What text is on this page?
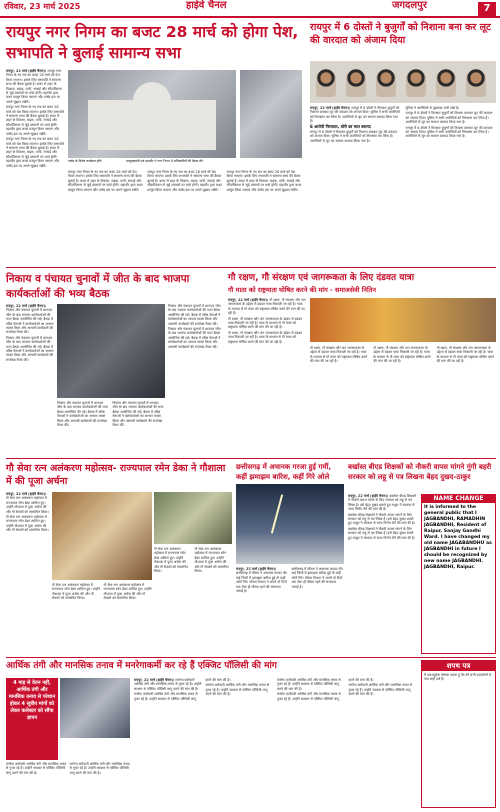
रविवार, 23 मार्च 2025	हाईवे चैनल	जगदलपुर	7
रायपुर नगर निगम का बजट 28 मार्च को होगा पेश, सभापति ने बुलाई सामान्य सभा

रायपुर, 22 मार्च (हाईवे चैनल)। रायपुर नगर निगम के नए सत्र का बजट 28 मार्च को पेश किया जाएगा। इसके लिए सभापति ने सामान्य सभा की बैठक बुलाई है। बजट में शहर के विकास, सड़क, पानी, सफाई और सौंदर्यीकरण से जुड़े प्रस्तावों पर चर्चा होगी। महापौर द्वारा बजट प्रस्तुत किया जाएगा और पार्षद इस पर अपने सुझाव रखेंगे।

रायपुर नगर निगम के नए सत्र का बजट 28 मार्च को पेश किया जाएगा। इसके लिए सभापति ने सामान्य सभा की बैठक बुलाई है। बजट में शहर के विकास, सड़क, पानी, सफाई और सौंदर्यीकरण से जुड़े प्रस्तावों पर चर्चा होगी। महापौर द्वारा बजट प्रस्तुत किया जाएगा और पार्षद इस पर अपने सुझाव रखेंगे।

रायपुर नगर निगम के नए सत्र का बजट 28 मार्च को पेश किया जाएगा। इसके लिए सभापति ने सामान्य सभा की बैठक बुलाई है। बजट में शहर के विकास, सड़क, पानी, सफाई और सौंदर्यीकरण से जुड़े प्रस्तावों पर चर्चा होगी। महापौर द्वारा बजट प्रस्तुत किया जाएगा और पार्षद इस पर अपने सुझाव रखेंगे।

पार्षद के विशेष कार्यक्रम होंगे।	उपमुख्यमंत्री एवं महापौर ने नगर निगम में अधिकारियों की बैठक ली।

रायपुर नगर निगम के नए सत्र का बजट 28 मार्च को पेश किया जाएगा। इसके लिए सभापति ने सामान्य सभा की बैठक बुलाई है। बजट में शहर के विकास, सड़क, पानी, सफाई और सौंदर्यीकरण से जुड़े प्रस्तावों पर चर्चा होगी। महापौर द्वारा बजट प्रस्तुत किया जाएगा और पार्षद इस पर अपने सुझाव रखेंगे।

रायपुर नगर निगम के नए सत्र का बजट 28 मार्च को पेश किया जाएगा। इसके लिए सभापति ने सामान्य सभा की बैठक बुलाई है। बजट में शहर के विकास, सड़क, पानी, सफाई और सौंदर्यीकरण से जुड़े प्रस्तावों पर चर्चा होगी। महापौर द्वारा बजट प्रस्तुत किया जाएगा और पार्षद इस पर अपने सुझाव रखेंगे।

रायपुर नगर निगम के नए सत्र का बजट 28 मार्च को पेश किया जाएगा। इसके लिए सभापति ने सामान्य सभा की बैठक बुलाई है। बजट में शहर के विकास, सड़क, पानी, सफाई और सौंदर्यीकरण से जुड़े प्रस्तावों पर चर्चा होगी। महापौर द्वारा बजट प्रस्तुत किया जाएगा और पार्षद इस पर अपने सुझाव रखेंगे।

रायपुर में 6 दोस्तों ने बुजुर्गों को निशाना बना कर लूट की वारदात को अंजाम दिया

रायपुर, 22 मार्च (हाईवे चैनल)। रायपुर में 6 दोस्तों ने मिलकर बुजुर्गों को निशाना बनाकर लूट की वारदात को अंजाम दिया। पुलिस ने सभी आरोपियों को गिरफ्तार कर लिया है। आरोपियों से लूट का सामान बरामद किया गया है।

6 आरोपी गिरफ्तार, चोरी का माल बरामद

रायपुर में 6 दोस्तों ने मिलकर बुजुर्गों को निशाना बनाकर लूट की वारदात को अंजाम दिया। पुलिस ने सभी आरोपियों को गिरफ्तार कर लिया है। आरोपियों से लूट का सामान बरामद किया गया है।

पुलिस ने आरोपियों से पूछताछ जारी रखी है।

रायपुर में 6 दोस्तों ने मिलकर बुजुर्गों को निशाना बनाकर लूट की वारदात को अंजाम दिया। पुलिस ने सभी आरोपियों को गिरफ्तार कर लिया है। आरोपियों से लूट का सामान बरामद किया गया है।

रायपुर में 6 दोस्तों ने मिलकर बुजुर्गों को निशाना बनाकर लूट की वारदात को अंजाम दिया। पुलिस ने सभी आरोपियों को गिरफ्तार कर लिया है। आरोपियों से लूट का सामान बरामद किया गया है।

निकाय व पंचायत चुनावों में जीत के बाद भाजपा कार्यकर्ताओं की भव्य बैठक

रायपुर, 22 मार्च (हाईवे चैनल)। निकाय और पंचायत चुनावों में शानदार जीत के बाद भाजपा कार्यकर्ताओं की भव्य बैठक आयोजित की गई। बैठक में वरिष्ठ नेताओं ने कार्यकर्ताओं का आभार व्यक्त किया और आगामी कार्यक्रमों की रूपरेखा तैयार की।

निकाय और पंचायत चुनावों में शानदार जीत के बाद भाजपा कार्यकर्ताओं की भव्य बैठक आयोजित की गई। बैठक में वरिष्ठ नेताओं ने कार्यकर्ताओं का आभार व्यक्त किया और आगामी कार्यक्रमों की रूपरेखा तैयार की।

निकाय और पंचायत चुनावों में शानदार जीत के बाद भाजपा कार्यकर्ताओं की भव्य बैठक आयोजित की गई। बैठक में वरिष्ठ नेताओं ने कार्यकर्ताओं का आभार व्यक्त किया और आगामी कार्यक्रमों की रूपरेखा तैयार की।

निकाय और पंचायत चुनावों में शानदार जीत के बाद भाजपा कार्यकर्ताओं की भव्य बैठक आयोजित की गई। बैठक में वरिष्ठ नेताओं ने कार्यकर्ताओं का आभार व्यक्त किया और आगामी कार्यक्रमों की रूपरेखा तैयार की।

निकाय और पंचायत चुनावों में शानदार जीत के बाद भाजपा कार्यकर्ताओं की भव्य बैठक आयोजित की गई। बैठक में वरिष्ठ नेताओं ने कार्यकर्ताओं का आभार व्यक्त किया और आगामी कार्यक्रमों की रूपरेखा तैयार की।

निकाय और पंचायत चुनावों में शानदार जीत के बाद भाजपा कार्यकर्ताओं की भव्य बैठक आयोजित की गई। बैठक में वरिष्ठ नेताओं ने कार्यकर्ताओं का आभार व्यक्त किया और आगामी कार्यक्रमों की रूपरेखा तैयार की।

गौ रक्षण, गौ संरक्षण एवं जागरूकता के लिए दंडवत यात्रा
गौ माता को राष्ट्रमाता घोषित करने की मांग - समाजसेवी नितिन

रायपुर, 22 मार्च (हाईवे चैनल)। गौ रक्षण, गौ संरक्षण और जन जागरूकता के उद्देश्य से दंडवत यात्रा निकाली जा रही है। यात्रा के माध्यम से गौ माता को राष्ट्रमाता घोषित करने की मांग की जा रही है।

गौ रक्षण, गौ संरक्षण और जन जागरूकता के उद्देश्य से दंडवत यात्रा निकाली जा रही है। यात्रा के माध्यम से गौ माता को राष्ट्रमाता घोषित करने की मांग की जा रही है।

गौ रक्षण, गौ संरक्षण और जन जागरूकता के उद्देश्य से दंडवत यात्रा निकाली जा रही है। यात्रा के माध्यम से गौ माता को राष्ट्रमाता घोषित करने की मांग की जा रही है।

गौ रक्षण, गौ संरक्षण और जन जागरूकता के उद्देश्य से दंडवत यात्रा निकाली जा रही है। यात्रा के माध्यम से गौ माता को राष्ट्रमाता घोषित करने की मांग की जा रही है।

गौ रक्षण, गौ संरक्षण और जन जागरूकता के उद्देश्य से दंडवत यात्रा निकाली जा रही है। यात्रा के माध्यम से गौ माता को राष्ट्रमाता घोषित करने की मांग की जा रही है।

गौ रक्षण, गौ संरक्षण और जन जागरूकता के उद्देश्य से दंडवत यात्रा निकाली जा रही है। यात्रा के माध्यम से गौ माता को राष्ट्रमाता घोषित करने की मांग की जा रही है।

गौ सेवा रत्न अलंकरण महोत्सव- राज्यपाल रमेन डेका ने गौशाला में की पूजा अर्चना

रायपुर, 22 मार्च (हाईवे चैनल)। गौ सेवा रत्न अलंकरण महोत्सव में राज्यपाल रमेन डेका शामिल हुए। उन्होंने गौशाला में पूजा अर्चना की और गौ सेवकों को सम्मानित किया।

गौ सेवा रत्न अलंकरण महोत्सव में राज्यपाल रमेन डेका शामिल हुए। उन्होंने गौशाला में पूजा अर्चना की और गौ सेवकों को सम्मानित किया।

गौ सेवा रत्न अलंकरण महोत्सव में राज्यपाल रमेन डेका शामिल हुए। उन्होंने गौशाला में पूजा अर्चना की और गौ सेवकों को सम्मानित किया।

गौ सेवा रत्न अलंकरण महोत्सव में राज्यपाल रमेन डेका शामिल हुए। उन्होंने गौशाला में पूजा अर्चना की और गौ सेवकों को सम्मानित किया।

गौ सेवा रत्न अलंकरण महोत्सव में राज्यपाल रमेन डेका शामिल हुए। उन्होंने गौशाला में पूजा अर्चना की और गौ सेवकों को सम्मानित किया।

गौ सेवा रत्न अलंकरण महोत्सव में राज्यपाल रमेन डेका शामिल हुए। उन्होंने गौशाला में पूजा अर्चना की और गौ सेवकों को सम्मानित किया।

छत्तीसगढ़ में अचानक गरजा हुई गर्मी, कहीं झमाझम बारिश, कहीं गिरे ओले

रायपुर, 22 मार्च (हाईवे चैनल)। छत्तीसगढ़ में मौसम ने अचानक करवट ली। कई जिलों में झमाझम बारिश हुई तो कहीं ओले गिरे। मौसम विभाग ने अगले दो दिनों तक ऐसा ही मौसम रहने की संभावना जताई है।

छत्तीसगढ़ में मौसम ने अचानक करवट ली। कई जिलों में झमाझम बारिश हुई तो कहीं ओले गिरे। मौसम विभाग ने अगले दो दिनों तक ऐसा ही मौसम रहने की संभावना जताई है।

बर्खास्त बीएड शिक्षकों को नौकरी वापस मांगने गुंगी बहरी सरकार को लहू से पत्र लिखना बेहद दुखद-ठाकुर

रायपुर, 22 मार्च (हाईवे चैनल)। बर्खास्त बीएड शिक्षकों ने नौकरी वापस मांगने के लिए सरकार को लहू से पत्र लिखा है। इसे बेहद दुखद बताते हुए ठाकुर ने सरकार से जल्द निर्णय लेने की मांग की है।

बर्खास्त बीएड शिक्षकों ने नौकरी वापस मांगने के लिए सरकार को लहू से पत्र लिखा है। इसे बेहद दुखद बताते हुए ठाकुर ने सरकार से जल्द निर्णय लेने की मांग की है।

बर्खास्त बीएड शिक्षकों ने नौकरी वापस मांगने के लिए सरकार को लहू से पत्र लिखा है। इसे बेहद दुखद बताते हुए ठाकुर ने सरकार से जल्द निर्णय लेने की मांग की है।

NAME CHANGE
It is informed to the general public that I JAGBANDHI, RAMADHIN JAGBANDHI, Resident of Raipur, Sanjay Gandhi Ward. I have changed my old name JAGABANDHU as JAGBANDHI in future I should be recognized by new name JAGBANDHI. JAGBANDHI, Raipur.
आर्थिक तंगी और मानसिक तनाव में मनरेगाकर्मी कर रहे हैं एक्जिट पॉलिसी की मांग
4 माह से वेतन नहीं, आर्थिक तंगी और मानसिक तनाव से परेशान होकर 4 सूत्रीय मांगों को लेकर कलेक्टर को सौंपा ज्ञापन

रायपुर, 22 मार्च (हाईवे चैनल)। मनरेगा कर्मचारी आर्थिक तंगी और मानसिक तनाव से गुजर रहे हैं। उन्होंने सरकार से एक्जिट पॉलिसी लागू करने की मांग की है।

मनरेगा कर्मचारी आर्थिक तंगी और मानसिक तनाव से गुजर रहे हैं। उन्होंने सरकार से एक्जिट पॉलिसी लागू करने की मांग की है।

मनरेगा कर्मचारी आर्थिक तंगी और मानसिक तनाव से गुजर रहे हैं। उन्होंने सरकार से एक्जिट पॉलिसी लागू करने की मांग की है।

मनरेगा कर्मचारी आर्थिक तंगी और मानसिक तनाव से गुजर रहे हैं। उन्होंने सरकार से एक्जिट पॉलिसी लागू करने की मांग की है।

मनरेगा कर्मचारी आर्थिक तंगी और मानसिक तनाव से गुजर रहे हैं। उन्होंने सरकार से एक्जिट पॉलिसी लागू करने की मांग की है।

मनरेगा कर्मचारी आर्थिक तंगी और मानसिक तनाव से गुजर रहे हैं। उन्होंने सरकार से एक्जिट पॉलिसी लागू करने की मांग की है।

मनरेगा कर्मचारी आर्थिक तंगी और मानसिक तनाव से गुजर रहे हैं। उन्होंने सरकार से एक्जिट पॉलिसी लागू करने की मांग की है।

मनरेगा कर्मचारी आर्थिक तंगी और मानसिक तनाव से गुजर रहे हैं। उन्होंने सरकार से एक्जिट पॉलिसी लागू करने की मांग की है।

शपथ पत्र
मैं शपथपूर्वक घोषणा करता हूं कि मेरे सभी दस्तावेजों में नाम सही दर्ज है।
